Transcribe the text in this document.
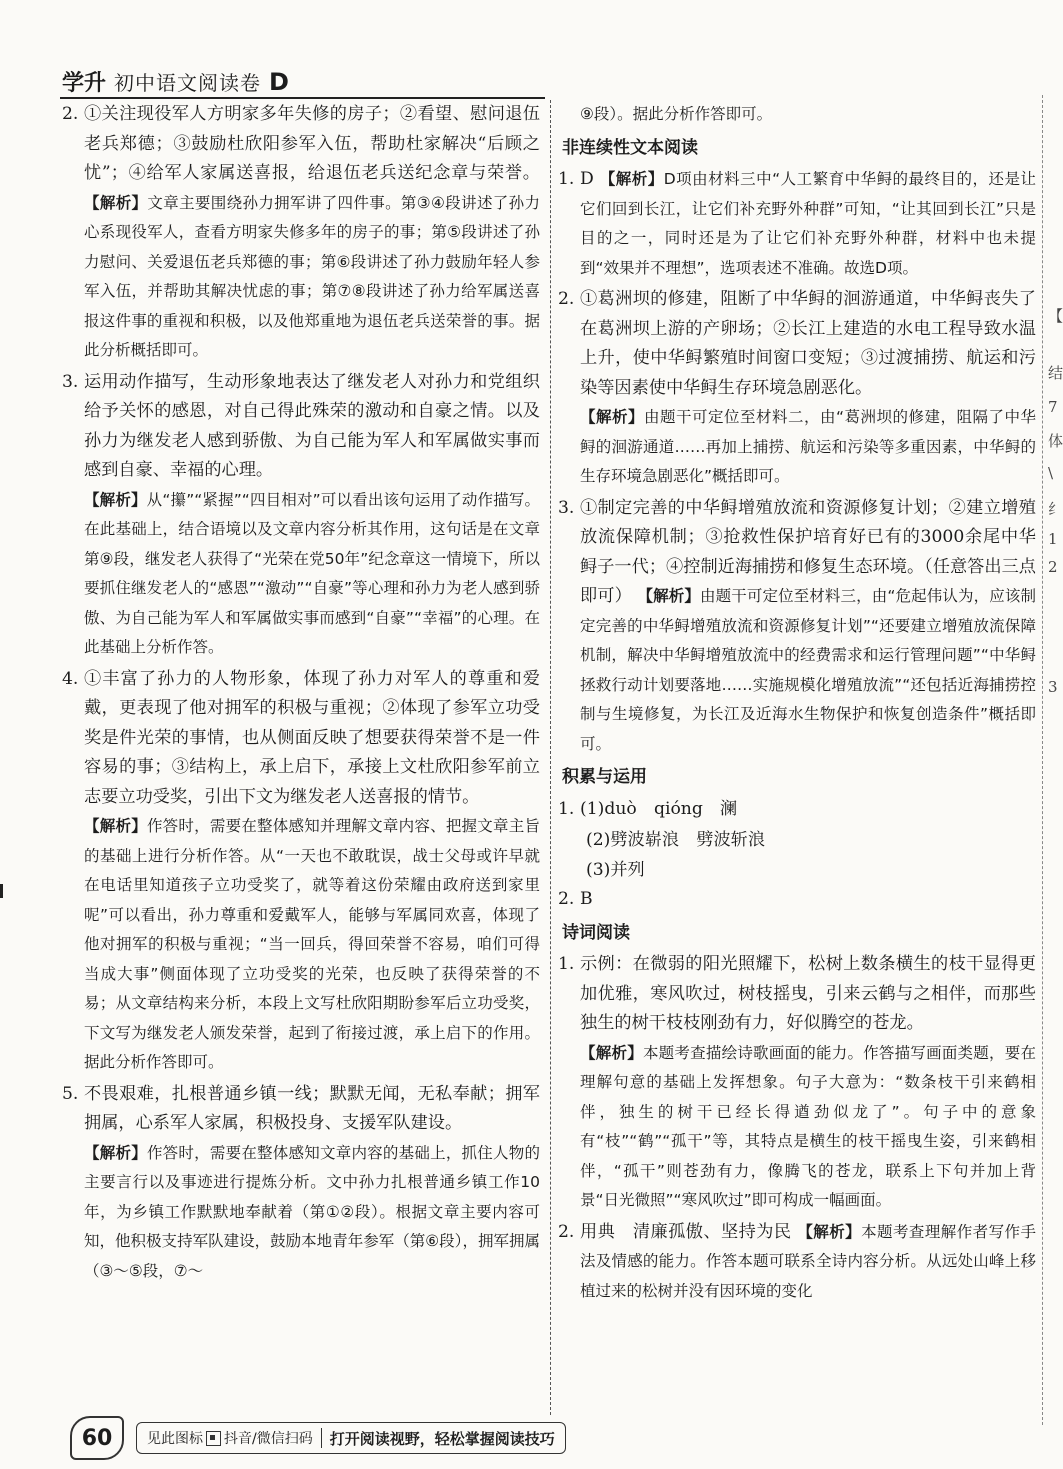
学升 初中语文阅读卷 D
2. ①关注现役军人方明家多年失修的房子；②看望、慰问退伍老兵郑德；③鼓励杜欣阳参军入伍，帮助杜家解决“后顾之忧”；④给军人家属送喜报，给退伍老兵送纪念章与荣誉。 【解析】文章主要围绕孙力拥军讲了四件事。第③④段讲述了孙力心系现役军人，查看方明家失修多年的房子的事；第⑤段讲述了孙力慰问、关爱退伍老兵郑德的事；第⑥段讲述了孙力鼓励年轻人参军入伍，并帮助其解决忧虑的事；第⑦⑧段讲述了孙力给军属送喜报这件事的重视和积极，以及他郑重地为退伍老兵送荣誉的事。据此分析概括即可。
3. 运用动作描写，生动形象地表达了继发老人对孙力和党组织给予关怀的感恩，对自己得此殊荣的激动和自豪之情。以及孙力为继发老人感到骄傲、为自己能为军人和军属做实事而感到自豪、幸福的心理。
【解析】从“攥”“紧握”“四目相对”可以看出该句运用了动作描写。在此基础上，结合语境以及文章内容分析其作用，这句话是在文章第⑨段，继发老人获得了“光荣在党50年”纪念章这一情境下，所以要抓住继发老人的“感恩”“激动”“自豪”等心理和孙力为老人感到骄傲、为自己能为军人和军属做实事而感到“自豪”“幸福”的心理。在此基础上分析作答。
4. ①丰富了孙力的人物形象，体现了孙力对军人的尊重和爱戴，更表现了他对拥军的积极与重视；②体现了参军立功受奖是件光荣的事情，也从侧面反映了想要获得荣誉不是一件容易的事；③结构上，承上启下，承接上文杜欣阳参军前立志要立功受奖，引出下文为继发老人送喜报的情节。
【解析】作答时，需要在整体感知并理解文章内容、把握文章主旨的基础上进行分析作答。从“一天也不敢耽误，战士父母或许早就在电话里知道孩子立功受奖了，就等着这份荣耀由政府送到家里呢”可以看出，孙力尊重和爱戴军人，能够与军属同欢喜，体现了他对拥军的积极与重视；“当一回兵，得回荣誉不容易，咱们可得当成大事”侧面体现了立功受奖的光荣，也反映了获得荣誉的不易；从文章结构来分析，本段上文写杜欣阳期盼参军后立功受奖，下文写为继发老人颁发荣誉，起到了衔接过渡，承上启下的作用。据此分析作答即可。
5. 不畏艰难，扎根普通乡镇一线；默默无闻，无私奉献；拥军拥属，心系军人家属，积极投身、支援军队建设。
【解析】作答时，需要在整体感知文章内容的基础上，抓住人物的主要言行以及事迹进行提炼分析。文中孙力扎根普通乡镇工作10年，为乡镇工作默默地奉献着（第①②段）。根据文章主要内容可知，他积极支持军队建设，鼓励本地青年参军（第⑥段），拥军拥属（③～⑤段，⑦～
⑨段）。据此分析作答即可。
非连续性文本阅读
1. D 【解析】D项由材料三中“人工繁育中华鲟的最终目的，还是让它们回到长江，让它们补充野外种群”可知，“让其回到长江”只是目的之一，同时还是为了让它们补充野外种群，材料中也未提到“效果并不理想”，选项表述不准确。故选D项。
2. ①葛洲坝的修建，阻断了中华鲟的洄游通道，中华鲟丧失了在葛洲坝上游的产卵场；②长江上建造的水电工程导致水温上升，使中华鲟繁殖时间窗口变短；③过渡捕捞、航运和污染等因素使中华鲟生存环境急剧恶化。
【解析】由题干可定位至材料二，由“葛洲坝的修建，阻隔了中华鲟的洄游通道……再加上捕捞、航运和污染等多重因素，中华鲟的生存环境急剧恶化”概括即可。
3. ①制定完善的中华鲟增殖放流和资源修复计划；②建立增殖放流保障机制；③抢救性保护培育好已有的3000余尾中华鲟子一代；④控制近海捕捞和修复生态环境。（任意答出三点即可） 【解析】由题干可定位至材料三，由“危起伟认为，应该制定完善的中华鲟增殖放流和资源修复计划”“还要建立增殖放流保障机制，解决中华鲟增殖放流中的经费需求和运行管理问题”“中华鲟拯救行动计划要落地……实施规模化增殖放流”“还包括近海捕捞控制与生境修复，为长江及近海水生物保护和恢复创造条件”概括即可。
积累与运用
1. (1)duò　qióng　澜
(2)劈波崭浪　劈波斩浪
(3)并列
2. B
诗词阅读
1. 示例：在微弱的阳光照耀下，松树上数条横生的枝干显得更加优雅，寒风吹过，树枝摇曳，引来云鹤与之相伴，而那些独生的树干枝枝刚劲有力，好似腾空的苍龙。
【解析】本题考查描绘诗歌画面的能力。作答描写画面类题，要在理解句意的基础上发挥想象。句子大意为：“数条枝干引来鹤相伴，独生的树干已经长得遒劲似龙了”。句子中的意象有“枝”“鹤”“孤干”等，其特点是横生的枝干摇曳生姿，引来鹤相伴，“孤干”则苍劲有力，像腾飞的苍龙，联系上下句并加上背景“日光微照”“寒风吹过”即可构成一幅画面。
2. 用典　清廉孤傲、坚持为民 【解析】本题考查理解作者写作手法及情感的能力。作答本题可联系全诗内容分析。从远处山峰上移植过来的松树并没有因环境的变化
【
结
7
体
\
纟
1
2
3
60	见此图标 抖音/微信扫码 打开阅读视野，轻松掌握阅读技巧
